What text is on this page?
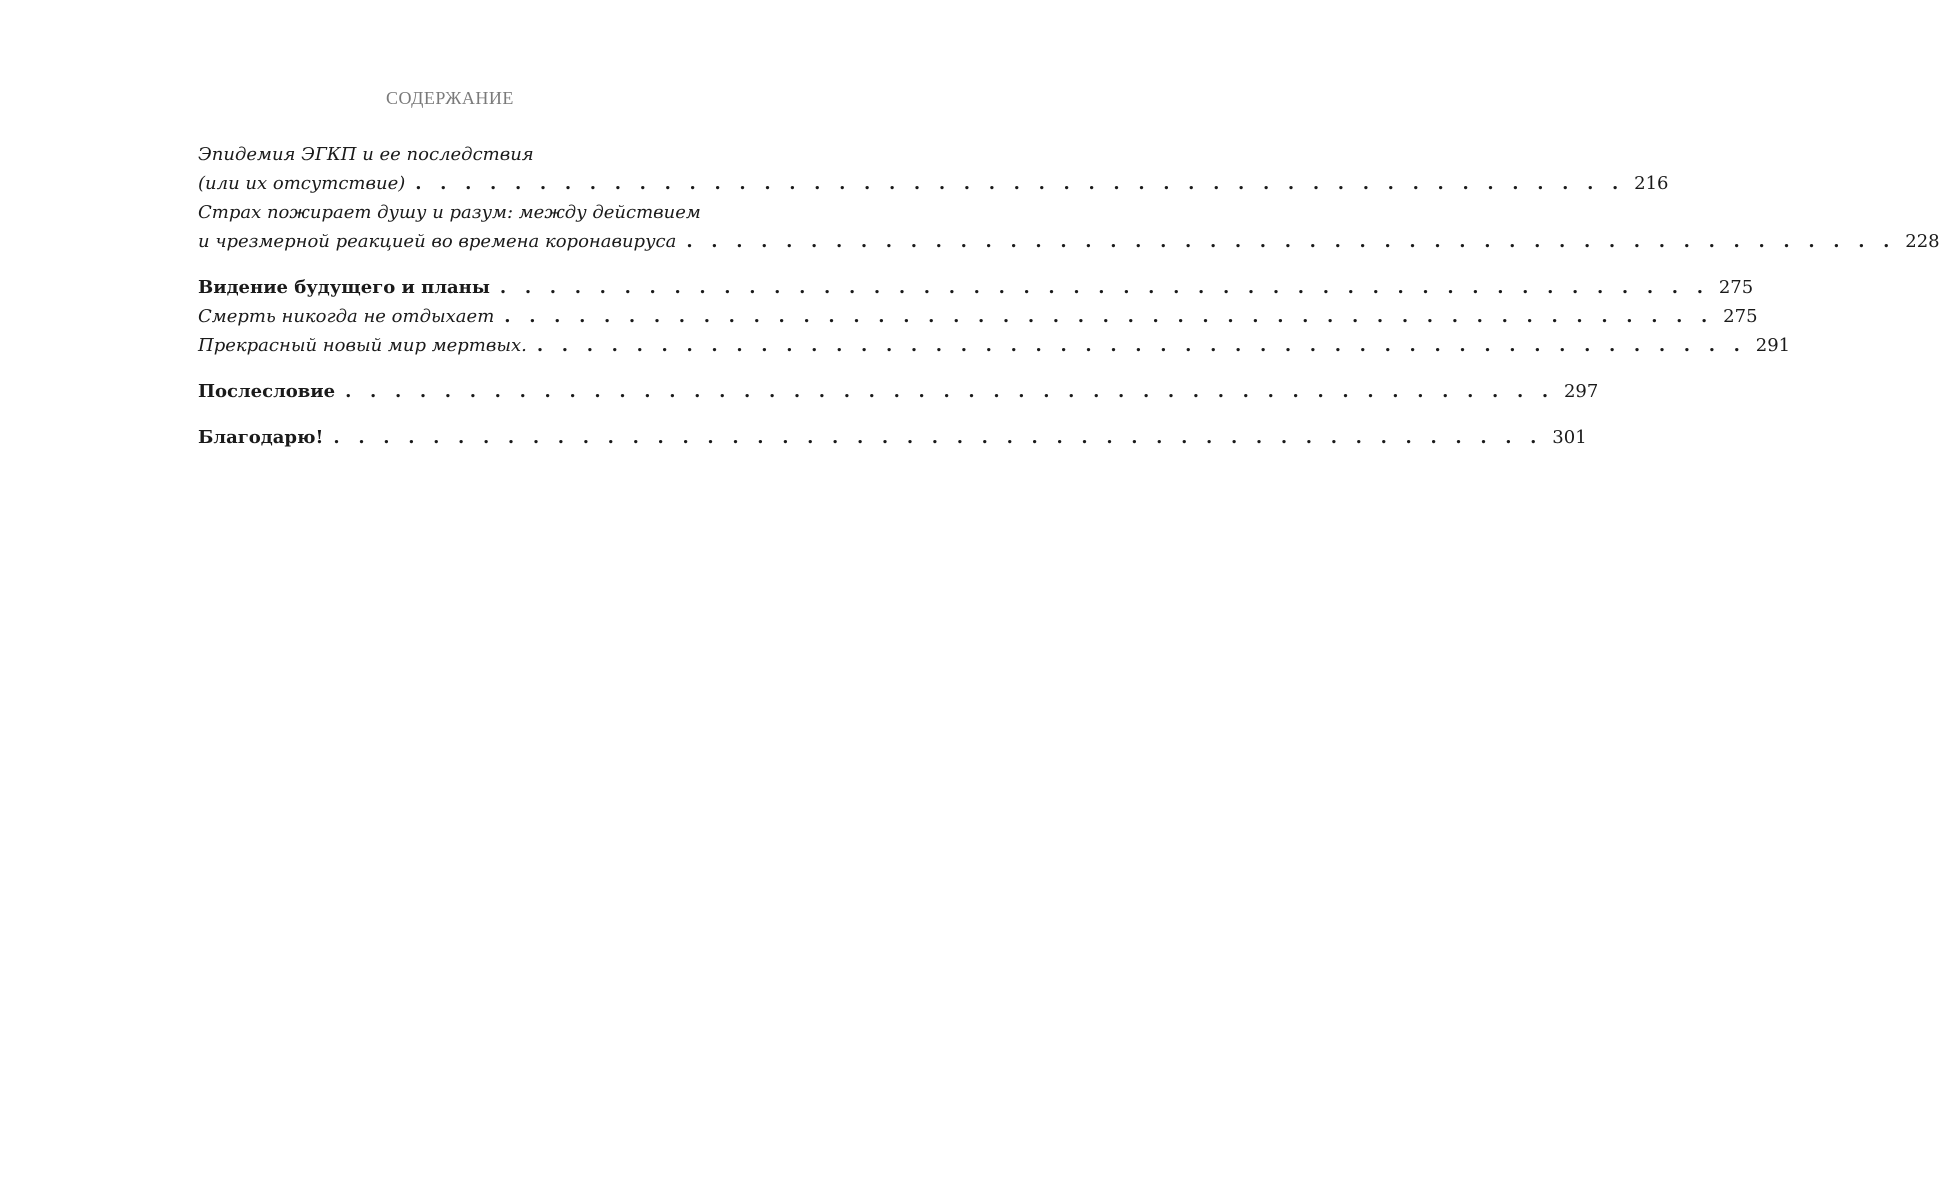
СОДЕРЖАНИЕ
Эпидемия ЭГКП и ее последствия
(или их отсутствие) . . . . . . . . . . . . . . . . . . . . . . . . . . . . . . . . . . . . . . . . . . . . . . . . . 216
Страх пожирает душу и разум: между действием
и чрезмерной реакцией во времена коронавируса . . . . . . . . . . . . . . . . . . . . . . . . . . . . . . . . . . . . . . . . . . . . . . . . . 228
Видение будущего и планы . . . . . . . . . . . . . . . . . . . . . . . . . . . . . . . . . . . . . . . . . . . . . . . . . 275
Смерть никогда не отдыхает . . . . . . . . . . . . . . . . . . . . . . . . . . . . . . . . . . . . . . . . . . . . . . . . . 275
Прекрасный новый мир мертвых. . . . . . . . . . . . . . . . . . . . . . . . . . . . . . . . . . . . . . . . . . . . . . . . . . 291
Послесловие . . . . . . . . . . . . . . . . . . . . . . . . . . . . . . . . . . . . . . . . . . . . . . . . . 297
Благодарю! . . . . . . . . . . . . . . . . . . . . . . . . . . . . . . . . . . . . . . . . . . . . . . . . . 301
